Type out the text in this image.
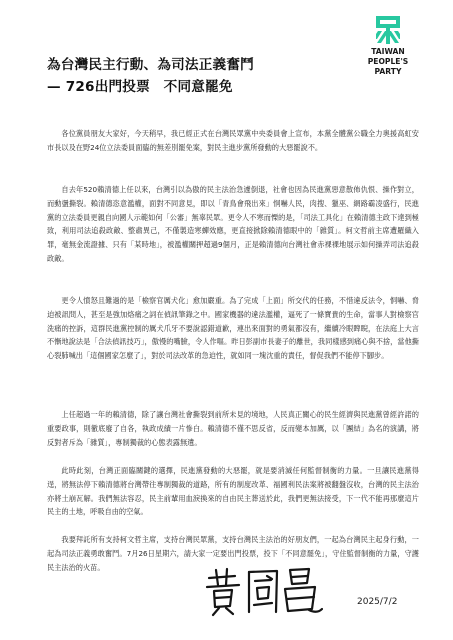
為台灣民主行動、為司法正義奮鬥
— 726出門投票　不同意罷免
TAIWAN
PEOPLE'S
PARTY

各位黨員朋友大家好，今天稍早，我已經正式在台灣民眾黨中央委員會上宣布，本黨全體黨公職全力奧援高虹安市長以及在野24位立法委員面臨的無差別罷免案，對民主進步黨所發動的大惡罷說不。

自去年520賴清德上任以來，台灣引以為傲的民主法治急遽倒退，社會也因為民進黨惡意散佈仇恨、操作對立，而動盪撕裂。賴清德恣意濫權，面對不同意見，即以「青鳥會飛出來」恫嚇人民，肉搜、獵巫、網路霸凌盛行，民進黨的立法委員更親自向國人示範如何「公審」無辜民眾。更令人不寒而慄的是，「司法工具化」在賴清德主政下達到極致，利用司法追殺政敵、整肅異己，不僅製造寒蟬效應，更直接掀除賴清德眼中的「雜質」。柯文哲前主席遭羅織入罪，毫無金流證據、只有「某時地」，被濫權關押超過9個月，正是賴清德向台灣社會赤裸裸地展示如何操弄司法追殺政敵。

更令人憤怒且難過的是「檢察官厲犬化」愈加嚴重。為了完成「上面」所交代的任務，不惜違反法令，恫嚇、脅迫被訊問人，甚至是強加烙痛之詞在偵訊筆錄之中。國家機器的違法濫權，逼死了一條寶貴的生命，當事人對檢察官洗痛的控訴，這群民進黨控制的厲犬爪牙不要說認錯道歉，連出來面對的勇氣都沒有，繼續冷眼睥睨，在法庭上大言不慚地說法是「合法偵訊技巧」，傲慢的嘴臉，令人作嘔。昨日彭副市長妻子的離世，我同樣感到痛心與不捨，當他撕心裂肺喊出「這個國家怎麼了」，對於司法改革的急迫性，就如同一塊沈重的責任，督促我們不能停下腳步。

上任超過一年的賴清德，除了讓台灣社會撕裂到前所未見的境地，人民真正關心的民生經濟與民進黨曾經許諾的重要政事，則徹底廢了自各，執政成績一片慘白。賴清德不僅不思反省，反而變本加厲，以「團結」為名的演講，將反對者斥為「雜質」，專制獨裁的心態表露無遺。

此時此刻，台灣正面臨關鍵的選擇，民進黨發動的大惡罷，就是要消滅任何監督制衡的力量。一旦讓民進黨得逞，將無法停下賴清德將台灣帶往專制獨裁的道路，所有的制度改革、福國利民法案將被翻盤沒收，台灣的民主法治亦將土崩瓦解。我們無法容忍，民主前輩用血淚換來的自由民主葬送於此，我們更無法接受，下一代不能再那麼這片民主的土地，呼吸自由的空氣。

我要拜託所有支持柯文哲主席，支持台灣民眾黨，支持台灣民主法治的好朋友們，一起為台灣民主起身行動，一起為司法正義勇敢奮鬥。7月26日星期六，請大家一定要出門投票，投下「不同意罷免」，守住監督制衡的力量，守護民主法治的火苗。

2025/7/2
